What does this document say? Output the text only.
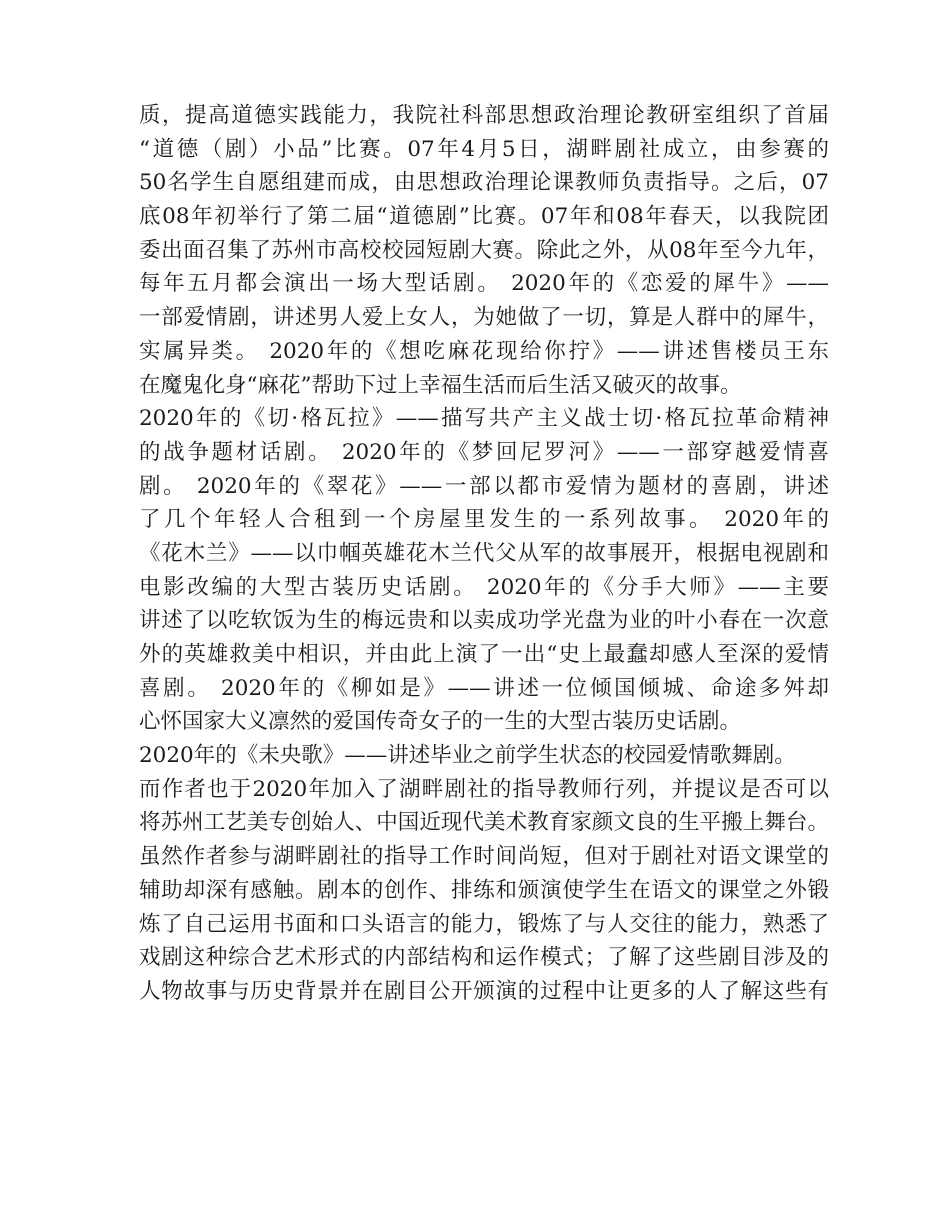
质，提高道德实践能力，我院社科部思想政治理论教研室组织了首届
“道德（剧）小品”比赛。07年4月5日，湖畔剧社成立，由参赛的
50名学生自愿组建而成，由思想政治理论课教师负责指导。之后，07
底08年初举行了第二届“道德剧”比赛。07年和08年春天，以我院团
委出面召集了苏州市高校校园短剧大赛。除此之外，从08年至今九年，
每年五月都会演出一场大型话剧。 2020年的《恋爱的犀牛》——
一部爱情剧，讲述男人爱上女人，为她做了一切，算是人群中的犀牛，
实属异类。 2020年的《想吃麻花现给你拧》——讲述售楼员王东
在魔鬼化身“麻花”帮助下过上幸福生活而后生活又破灭的故事。
2020年的《切·格瓦拉》——描写共产主义战士切·格瓦拉革命精神
的战争题材话剧。 2020年的《梦回尼罗河》——一部穿越爱情喜
剧。 2020年的《翠花》——一部以都市爱情为题材的喜剧，讲述
了几个年轻人合租到一个房屋里发生的一系列故事。 2020年的
《花木兰》——以巾帼英雄花木兰代父从军的故事展开，根据电视剧和
电影改编的大型古装历史话剧。 2020年的《分手大师》——主要
讲述了以吃软饭为生的梅远贵和以卖成功学光盘为业的叶小春在一次意
外的英雄救美中相识，并由此上演了一出“史上最蠢却感人至深的爱情
喜剧。 2020年的《柳如是》——讲述一位倾国倾城、命途多舛却
心怀国家大义凛然的爱国传奇女子的一生的大型古装历史话剧。
2020年的《未央歌》——讲述毕业之前学生状态的校园爱情歌舞剧。
而作者也于2020年加入了湖畔剧社的指导教师行列，并提议是否可以
将苏州工艺美专创始人、中国近现代美术教育家颜文良的生平搬上舞台。
虽然作者参与湖畔剧社的指导工作时间尚短，但对于剧社对语文课堂的
辅助却深有感触。剧本的创作、排练和颁演使学生在语文的课堂之外锻
炼了自己运用书面和口头语言的能力，锻炼了与人交往的能力，熟悉了
戏剧这种综合艺术形式的内部结构和运作模式；了解了这些剧目涉及的
人物故事与历史背景并在剧目公开颁演的过程中让更多的人了解这些有
